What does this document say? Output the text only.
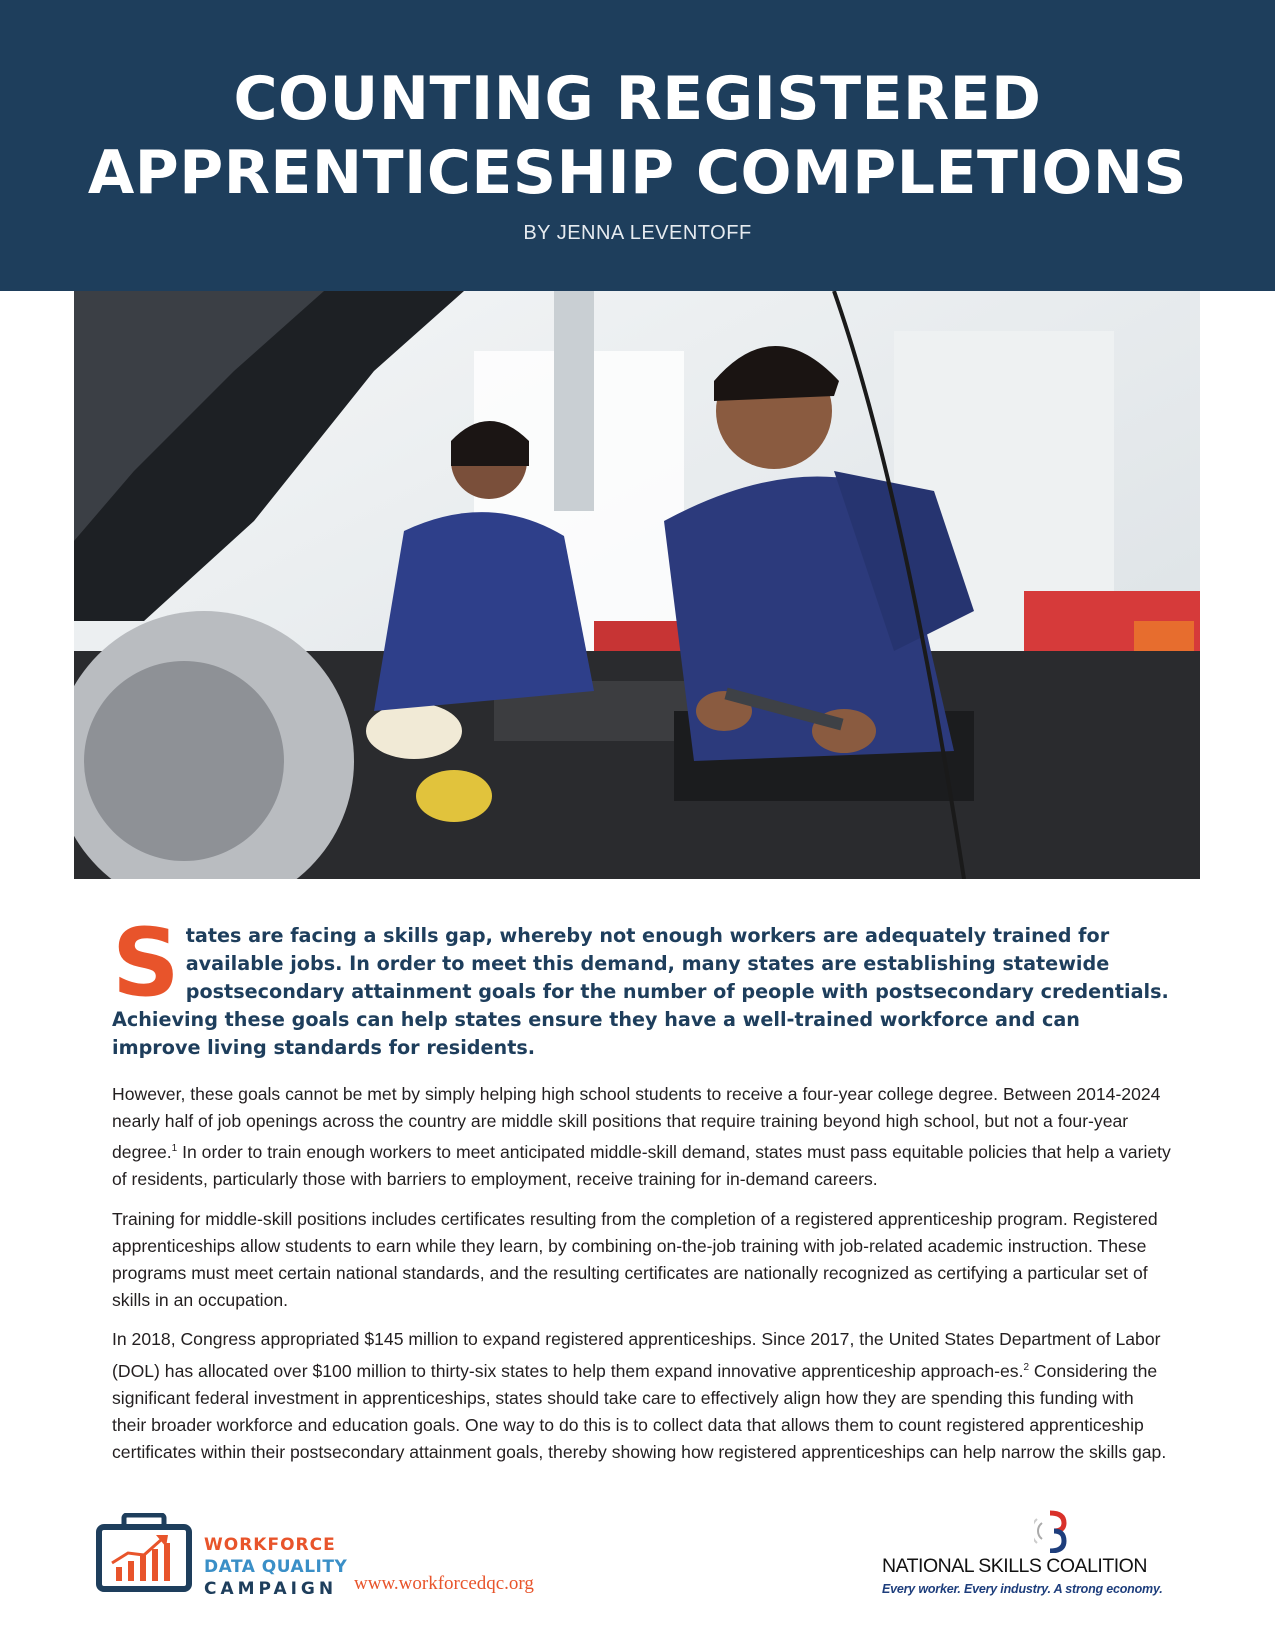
COUNTING REGISTERED
APPRENTICESHIP COMPLETIONS
BY JENNA LEVENTOFF
States are facing a skills gap, whereby not enough workers are adequately trained for available jobs. In order to meet this demand, many states are establishing statewide postsecondary attainment goals for the number of people with postsecondary credentials. Achieving these goals can help states ensure they have a well-trained workforce and can improve living standards for residents.

However, these goals cannot be met by simply helping high school students to receive a four-year college degree. Between 2014-2024 nearly half of job openings across the country are middle skill positions that require training beyond high school, but not a four-year degree.$^1$ In order to train enough workers to meet anticipated middle-skill demand, states must pass equitable policies that help a variety of residents, particularly those with barriers to employment, receive training for in-demand careers.

Training for middle-skill positions includes certificates resulting from the completion of a registered apprenticeship program. Registered apprenticeships allow students to earn while they learn, by combining on-the-job training with job-related academic instruction. These programs must meet certain national standards, and the resulting certificates are nationally recognized as certifying a particular set of skills in an occupation.

In 2018, Congress appropriated $145 million to expand registered apprenticeships. Since 2017, the United States Department of Labor (DOL) has allocated over $100 million to thirty-six states to help them expand innovative apprenticeship approach-es.$^2$ Considering the significant federal investment in apprenticeships, states should take care to effectively align how they are spending this funding with their broader workforce and education goals. One way to do this is to collect data that allows them to count registered apprenticeship certificates within their postsecondary attainment goals, thereby showing how registered apprenticeships can help narrow the skills gap.

WORKFORCE
DATA QUALITY
CAMPAIGN www.workforcedqc.org
NATIONAL SKILLS COALITION
Every worker. Every industry. A strong economy.
